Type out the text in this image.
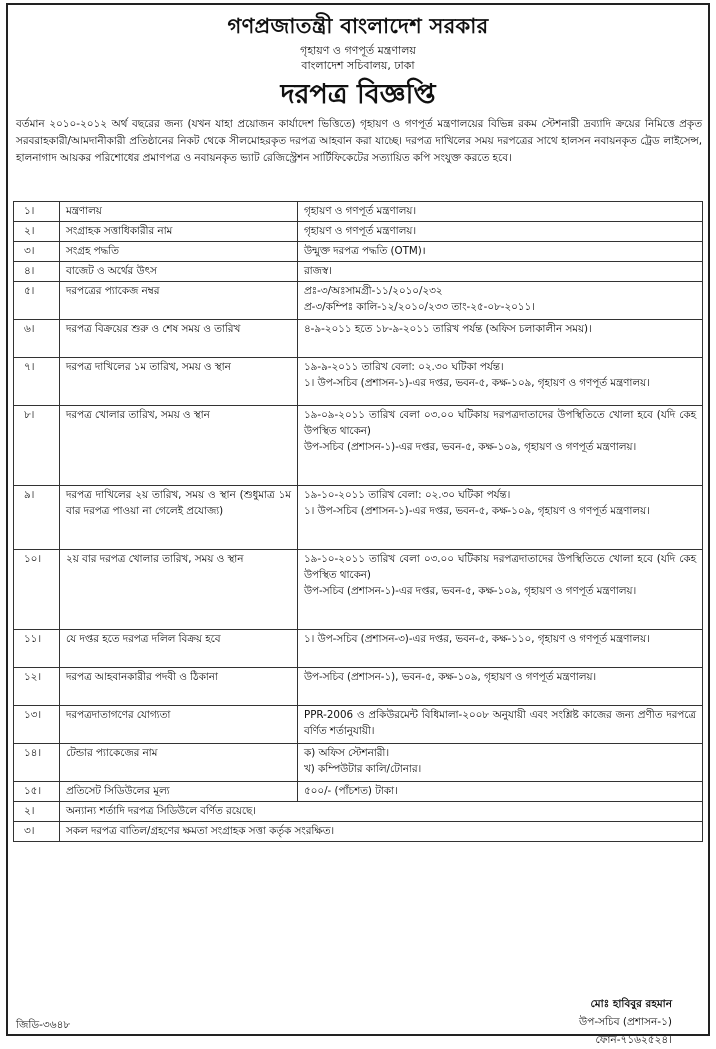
গণপ্রজাতন্ত্রী বাংলাদেশ সরকার
গৃহায়ণ ও গণপূর্ত মন্ত্রণালয়
বাংলাদেশ সচিবালয়, ঢাকা
দরপত্র বিজ্ঞপ্তি
বর্তমান ২০১০-২০১২ অর্থ বছরের জন্য (যখন যাহা প্রয়োজন কার্যাদেশ ভিত্তিতে) গৃহায়ণ ও গণপূর্ত মন্ত্রণালয়ের বিভিন্ন রকম স্টেশনারী দ্রব্যাদি ক্রয়ের নিমিত্তে প্রকৃত সরবরাহকারী/আমদানীকারী প্রতিষ্ঠানের নিকট থেকে সীলমোহরকৃত দরপত্র আহবান করা যাচ্ছে। দরপত্র দাখিলের সময় দরপত্রের সাথে হালসন নবায়নকৃত ট্রেড লাইসেন্স, হালনাগাদ আয়কর পরিশোধের প্রমাণপত্র ও নবায়নকৃত ভ্যাট রেজিস্ট্রেশন সার্টিফিকেটের সত্যায়িত কপি সংযুক্ত করতে হবে।
১।	মন্ত্রণালয়	গৃহায়ণ ও গণপূর্ত মন্ত্রণালয়।
২।	সংগ্রাহক সত্তাধিকারীর নাম	গৃহায়ণ ও গণপূর্ত মন্ত্রণালয়।
৩।	সংগ্রহ পদ্ধতি	উন্মুক্ত দরপত্র পদ্ধতি (OTM)।
৪।	বাজেট ও অর্থের উৎস	রাজস্ব।
৫।	দরপত্রের প্যাকেজ নম্বর	প্রঃ-৩/অঃসামগ্রী-১১/২০১০/২৩২
প্র-৩/কম্পিঃ কালি-১২/২০১০/২৩৩ তাং-২৫-০৮-২০১১।
৬।	দরপত্র বিক্রয়ের শুরু ও শেষ সময় ও তারিখ	৪-৯-২০১১ হতে ১৮-৯-২০১১ তারিখ পর্যন্ত (অফিস চলাকালীন সময়)।
৭।	দরপত্র দাখিলের ১ম তারিখ, সময় ও স্থান	১৯-৯-২০১১ তারিখ বেলা: ০২.৩০ ঘটিকা পর্যন্ত।
১। উপ-সচিব (প্রশাসন-১)-এর দপ্তর, ভবন-৫, কক্ষ-১০৯, গৃহায়ণ ও গণপূর্ত মন্ত্রণালয়।
৮।	দরপত্র খোলার তারিখ, সময় ও স্থান	১৯-০৯-২০১১ তারিখ বেলা ০৩.০০ ঘটিকায় দরপত্রদাতাদের উপস্থিতিতে খোলা হবে (যদি কেহ উপস্থিত থাকেন)
উপ-সচিব (প্রশাসন-১)-এর দপ্তর, ভবন-৫, কক্ষ-১০৯, গৃহায়ণ ও গণপূর্ত মন্ত্রণালয়।
৯।	দরপত্র দাখিলের ২য় তারিখ, সময় ও স্থান (শুধুমাত্র ১ম বার দরপত্র পাওয়া না গেলেই প্রযোজ্য)	১৯-১০-২০১১ তারিখ বেলা: ০২.৩০ ঘটিকা পর্যন্ত।
১। উপ-সচিব (প্রশাসন-১)-এর দপ্তর, ভবন-৫, কক্ষ-১০৯, গৃহায়ণ ও গণপূর্ত মন্ত্রণালয়।
১০।	২য় বার দরপত্র খোলার তারিখ, সময় ও স্থান	১৯-১০-২০১১ তারিখ বেলা ০৩.০০ ঘটিকায় দরপত্রদাতাদের উপস্থিতিতে খোলা হবে (যদি কেহ উপস্থিত থাকেন)
উপ-সচিব (প্রশাসন-১)-এর দপ্তর, ভবন-৫, কক্ষ-১০৯, গৃহায়ণ ও গণপূর্ত মন্ত্রণালয়।
১১।	যে দপ্তর হতে দরপত্র দলিল বিক্রয় হবে	১। উপ-সচিব (প্রশাসন-৩)-এর দপ্তর, ভবন-৫, কক্ষ-১১০, গৃহায়ণ ও গণপূর্ত মন্ত্রণালয়।
১২।	দরপত্র আহবানকারীর পদবী ও ঠিকানা	উপ-সচিব (প্রশাসন-১), ভবন-৫, কক্ষ-১০৯, গৃহায়ণ ও গণপূর্ত মন্ত্রণালয়।
১৩।	দরপত্রদাতাগণের যোগ্যতা	PPR-2006 ও প্রকিউরমেন্ট বিধিমালা-২০০৮ অনুযায়ী এবং সংশ্লিষ্ট কাজের জন্য প্রণীত দরপত্রে বর্ণিত শর্তানুযায়ী।
১৪।	টেন্ডার প্যাকেজের নাম	ক) অফিস স্টেশনারী।
খ) কম্পিউটার কালি/টোনার।
১৫।	প্রতিসেট সিডিউলের মূল্য	৫০০/- (পাঁচশত) টাকা।
২।	অন্যান্য শর্তাদি দরপত্র সিডিউলে বর্ণিত রয়েছে।	
৩।	সকল দরপত্র বাতিল/গ্রহণের ক্ষমতা সংগ্রাহক সত্তা কর্তৃক সংরক্ষিত।	
মোঃ হাবিবুর রহমান
উপ-সচিব (প্রশাসন-১)
ফোন-৭১৬২৫২৪।
জিডি-৩৬৪৮
